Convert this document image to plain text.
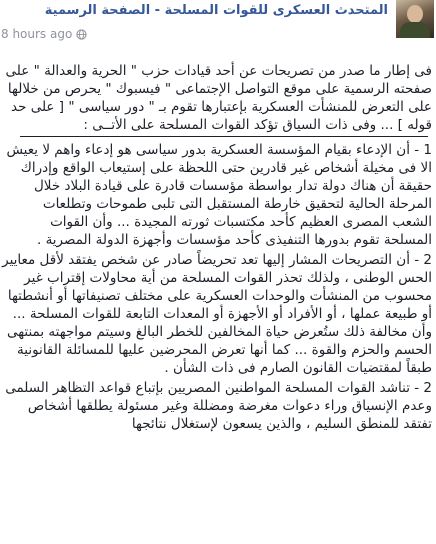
المتحدث العسكرى للقوات المسلحة - الصفحة الرسمية
8 hours ago

فى إطار ما صدر من تصريحات عن أحد قيادات حزب " الحرية والعدالة " على صفحته الرسمية على موقع التواصل الإجتماعى " فيسبوك " يحرص من خلالها على التعرض للمنشأت العسكرية بإعتبارها تقوم بـ " دور سياسى " [ على حد قوله ] ... وفى ذات السياق تؤكد القوات المسلحة على الأتــى :

1 - أن الإدعاء بقيام المؤسسة العسكرية بدور سياسى هو إدعاء واهم لا يعيش الا فى مخيلة أشخاص غير قادرين حتى اللحظة على إستيعاب الواقع وإدراك حقيقة أن هناك دولة تدار بواسطة مؤسسات قادرة على قيادة البلاد خلال المرحلة الحالية لتحقيق خارطة المستقبل التى تلبى طموحات وتطلعات الشعب المصرى العظيم كأحد مكتسبات ثورته المجيدة ... وأن القوات المسلحة تقوم بدورها التنفيذى كأحد مؤسسات وأجهزة الدولة المصرية .

2 - أن التصريحات المشار إليها تعد تحريضاً صادر عن شخص يفتقد لأقل معايير الحس الوطنى ، ولذلك تحذر القوات المسلحة من أية محاولات إقتراب غير محسوب من المنشأت والوحدات العسكرية على مختلف تصنيفاتها أو أنشطتها أو طبيعة عملها ، أو الأفراد أو الأجهزة أو المعدات التابعة للقوات المسلحة ... وأن مخالفة ذلك ستُعرض حياة المخالفين للخطر البالغ وسيتم مواجهته بمنتهى الحسم والحزم والقوة ... كما أنها تعرض المحرضين عليها للمسائلة القانونية طبقاً لمقتضيات القانون الصارم فى ذات الشأن .

2 - تناشد القوات المسلحة المواطنين المصريين بإتباع قواعد التظاهر السلمى وعدم الإنسياق وراء دعوات مغرضة ومضللة وغير مسئولة يطلقها أشخاص تفتقد للمنطق السليم ، والذين يسعون لإستغلال نتائجها
